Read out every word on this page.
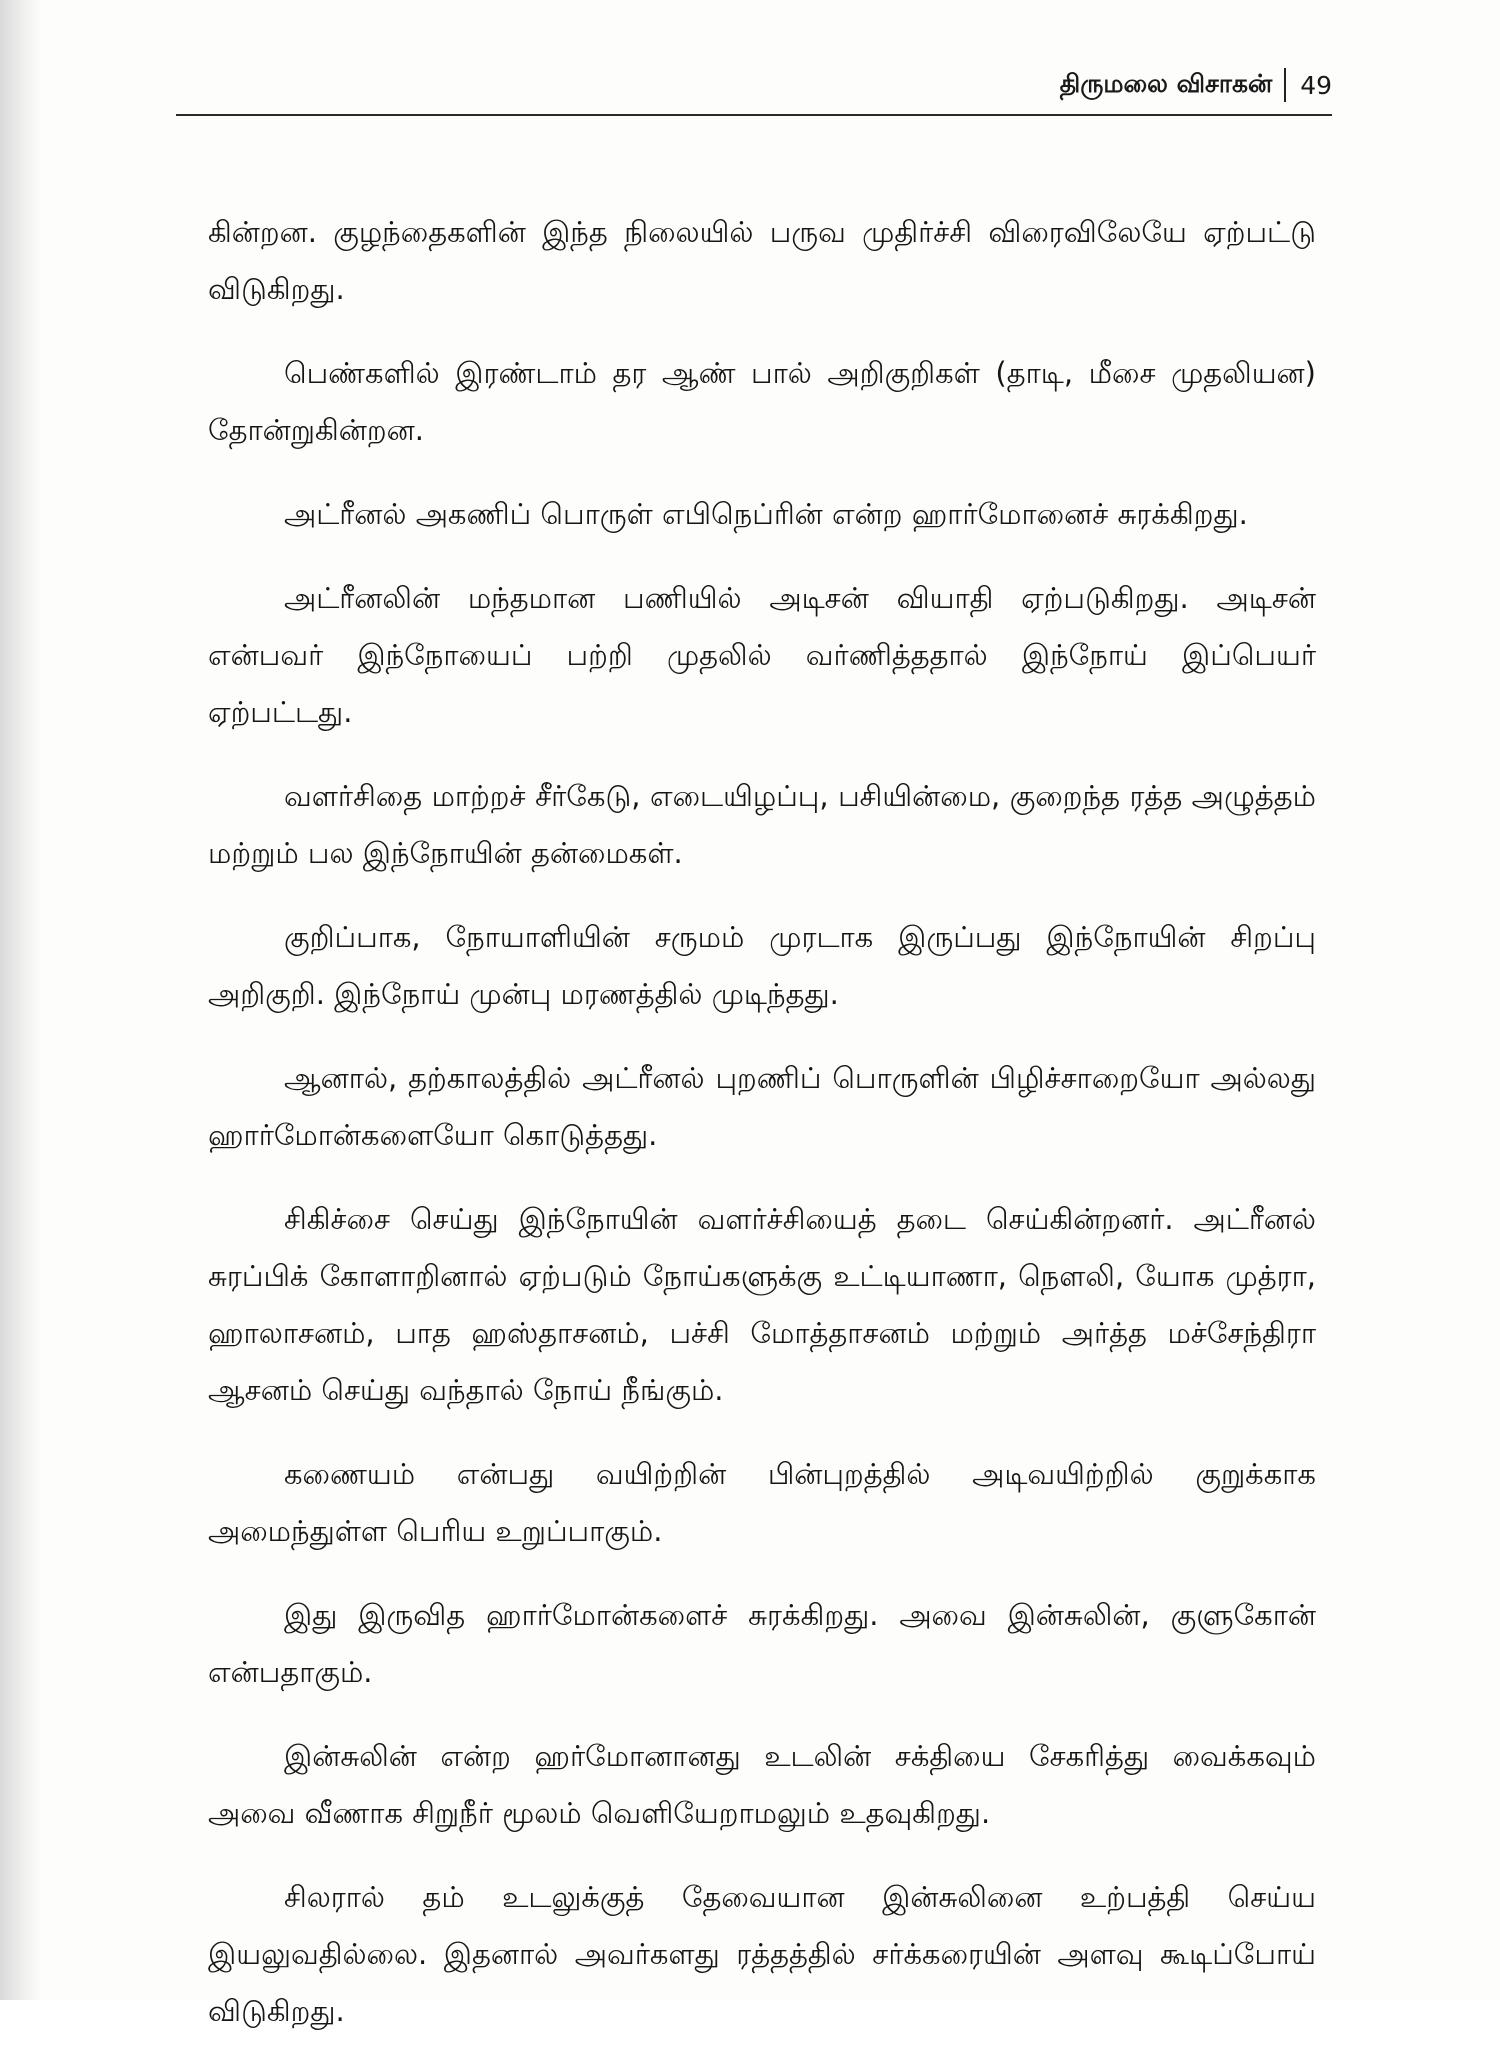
திருமலை விசாகன் 49

கின்றன. குழந்தைகளின் இந்த நிலையில் பருவ முதிர்ச்சி விரைவிலேயே ஏற்பட்டு விடுகிறது.

பெண்களில் இரண்டாம் தர ஆண் பால் அறிகுறிகள் (தாடி, மீசை முதலியன) தோன்றுகின்றன.

அட்ரீனல் அகணிப் பொருள் எபிநெப்ரின் என்ற ஹார்மோனைச் சுரக்கிறது.

அட்ரீனலின் மந்தமான பணியில் அடிசன் வியாதி ஏற்படுகிறது. அடிசன் என்பவர் இந்நோயைப் பற்றி முதலில் வர்ணித்ததால் இந்நோய் இப்பெயர் ஏற்பட்டது.

வளர்சிதை மாற்றச் சீர்கேடு, எடையிழப்பு, பசியின்மை, குறைந்த ரத்த அழுத்தம் மற்றும் பல இந்நோயின் தன்மைகள்.

குறிப்பாக, நோயாளியின் சருமம் முரடாக இருப்பது இந்நோயின் சிறப்பு அறிகுறி. இந்நோய் முன்பு மரணத்தில் முடிந்தது.

ஆனால், தற்காலத்தில் அட்ரீனல் புறணிப் பொருளின் பிழிச்சாறையோ அல்லது ஹார்மோன்களையோ கொடுத்தது.

சிகிச்சை செய்து இந்நோயின் வளர்ச்சியைத் தடை செய்கின்றனர். அட்ரீனல் சுரப்பிக் கோளாறினால் ஏற்படும் நோய்களுக்கு உட்டியாணா, நௌலி, யோக முத்ரா, ஹாலாசனம், பாத ஹஸ்தாசனம், பச்சி மோத்தாசனம் மற்றும் அர்த்த மச்சேந்திரா ஆசனம் செய்து வந்தால் நோய் நீங்கும்.

கணையம் என்பது வயிற்றின் பின்புறத்தில் அடிவயிற்றில் குறுக்காக அமைந்துள்ள பெரிய உறுப்பாகும்.

இது இருவித ஹார்மோன்களைச் சுரக்கிறது. அவை இன்சுலின், குளுகோன் என்பதாகும்.

இன்சுலின் என்ற ஹர்மோனானது உடலின் சக்தியை சேகரித்து வைக்கவும் அவை வீணாக சிறுநீர் மூலம் வெளியேறாமலும் உதவுகிறது.

சிலரால் தம் உடலுக்குத் தேவையான இன்சுலினை உற்பத்தி செய்ய இயலுவதில்லை. இதனால் அவர்களது ரத்தத்தில் சர்க்கரையின் அளவு கூடிப்போய் விடுகிறது.
